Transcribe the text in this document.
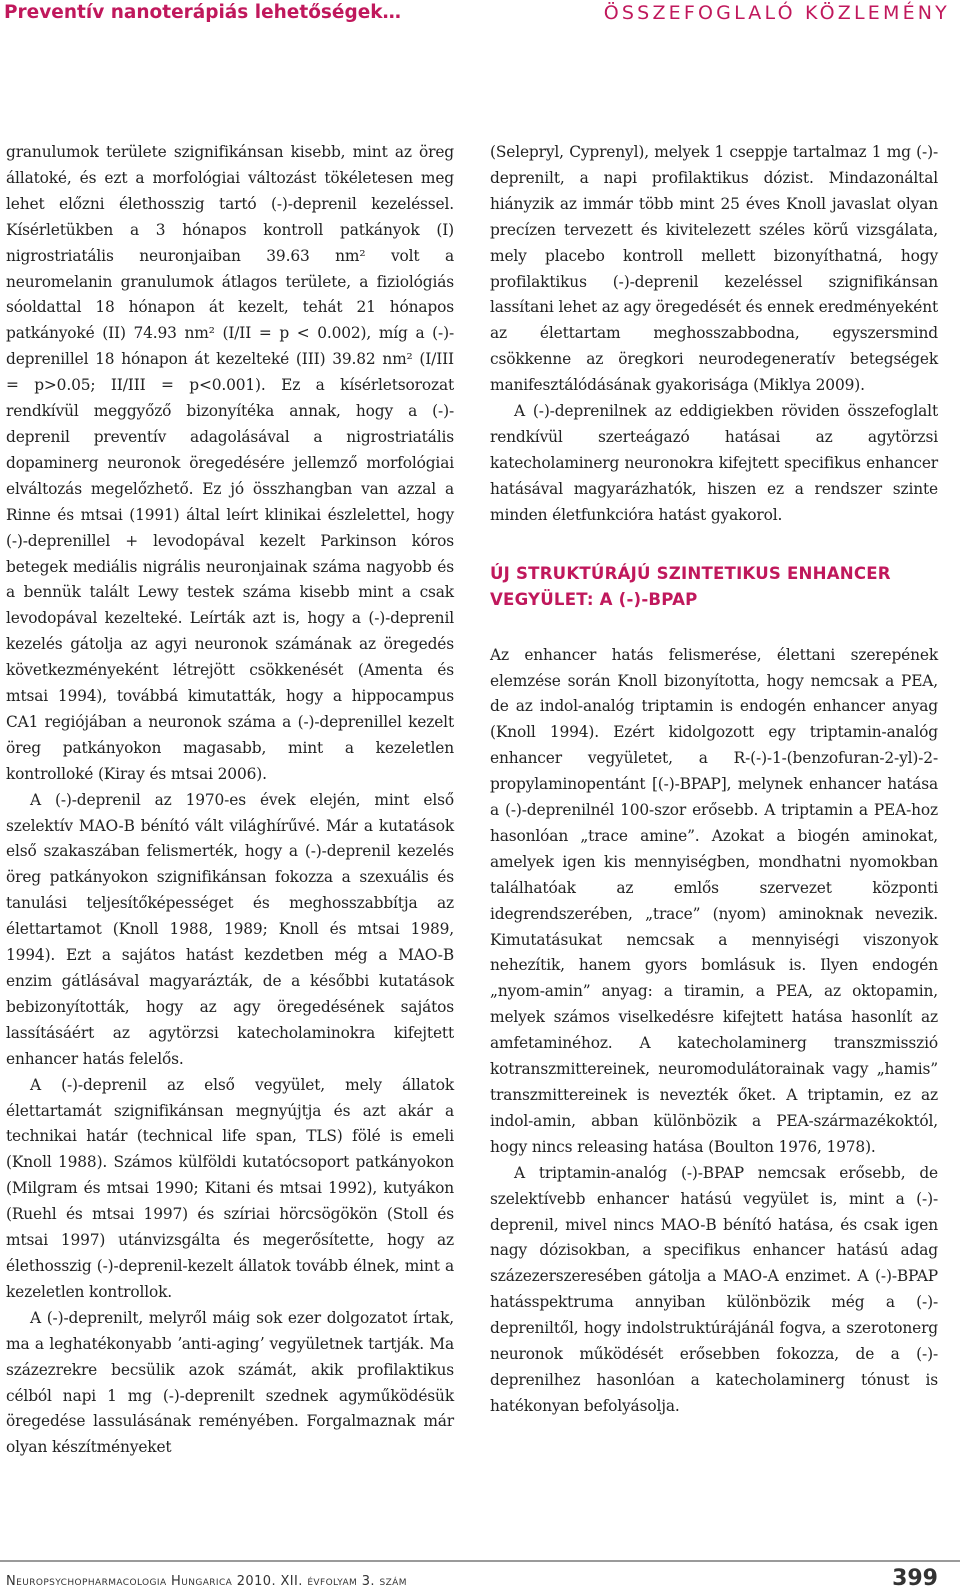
Preventív nanoterápiás lehetőségek…	ÖSSZEFOGLALÓ KÖZLEMÉNY

granulumok területe szignifikánsan kisebb, mint az öreg állatoké, és ezt a morfológiai változást tökéletesen meg lehet előzni élethosszig tartó (-)-deprenil kezeléssel. Kísérletükben a 3 hónapos kontroll patkányok (I) nigrostriatális neuronjaiban 39.63 nm² volt a neuromelanin granulumok átlagos területe, a fiziológiás sóoldattal 18 hónapon át kezelt, tehát 21 hónapos patkányoké (II) 74.93 nm² (I/II = p < 0.002), míg a (-)-deprenillel 18 hónapon át kezelteké (III) 39.82 nm² (I/III = p>0.05; II/III = p<0.001). Ez a kísérletsorozat rendkívül meggyőző bizonyítéka annak, hogy a (-)-deprenil preventív adagolásával a nigrostriatális dopaminerg neuronok öregedésére jellemző morfológiai elváltozás megelőzhető. Ez jó összhangban van azzal a Rinne és mtsai (1991) által leírt klinikai észlelettel, hogy (-)-deprenillel + levodopával kezelt Parkinson kóros betegek mediális nigrális neuronjainak száma nagyobb és a bennük talált Lewy testek száma kisebb mint a csak levodopával kezelteké. Leírták azt is, hogy a (-)-deprenil kezelés gátolja az agyi neuronok számának az öregedés következményeként létrejött csökkenését (Amenta és mtsai 1994), továbbá kimutatták, hogy a hippocampus CA1 regiójában a neuronok száma a (-)-deprenillel kezelt öreg patkányokon magasabb, mint a kezeletlen kontrolloké (Kiray és mtsai 2006).

A (-)-deprenil az 1970-es évek elején, mint első szelektív MAO-B bénító vált világhírűvé. Már a kutatások első szakaszában felismerték, hogy a (-)-deprenil kezelés öreg patkányokon szignifikánsan fokozza a szexuális és tanulási teljesítőképességet és meghosszabbítja az élettartamot (Knoll 1988, 1989; Knoll és mtsai 1989, 1994). Ezt a sajátos hatást kezdetben még a MAO-B enzim gátlásával magyarázták, de a későbbi kutatások bebizonyították, hogy az agy öregedésének sajátos lassításáért az agytörzsi katecholaminokra kifejtett enhancer hatás felelős.

A (-)-deprenil az első vegyület, mely állatok élettartamát szignifikánsan megnyújtja és azt akár a technikai határ (technical life span, TLS) fölé is emeli (Knoll 1988). Számos külföldi kutatócsoport patkányokon (Milgram és mtsai 1990; Kitani és mtsai 1992), kutyákon (Ruehl és mtsai 1997) és szíriai hörcsögökön (Stoll és mtsai 1997) utánvizsgálta és megerősítette, hogy az élethosszig (-)-deprenil-kezelt állatok tovább élnek, mint a kezeletlen kontrollok.

A (-)-deprenilt, melyről máig sok ezer dolgozatot írtak, ma a leghatékonyabb ʼanti-agingʼ vegyületnek tartják. Ma százezrekre becsülik azok számát, akik profilaktikus célból napi 1 mg (-)-deprenilt szednek agyműködésük öregedése lassulásának reményében. Forgalmaznak már olyan készítményeket

(Selepryl, Cyprenyl), melyek 1 cseppje tartalmaz 1 mg (-)-deprenilt, a napi profilaktikus dózist. Mindazonáltal hiányzik az immár több mint 25 éves Knoll javaslat olyan precízen tervezett és kivitelezett széles körű vizsgálata, mely placebo kontroll mellett bizonyíthatná, hogy profilaktikus (-)-deprenil kezeléssel szignifikánsan lassítani lehet az agy öregedését és ennek eredményeként az élettartam meghosszabbodna, egyszersmind csökkenne az öregkori neurodegeneratív betegségek manifesztálódásának gyakorisága (Miklya 2009).

A (-)-deprenilnek az eddigiekben röviden összefoglalt rendkívül szerteágazó hatásai az agytörzsi katecholaminerg neuronokra kifejtett specifikus enhancer hatásával magyarázhatók, hiszen ez a rendszer szinte minden életfunkcióra hatást gyakorol.

ÚJ STRUKTÚRÁJÚ SZINTETIKUS ENHANCER
VEGYÜLET: A (-)-BPAP

Az enhancer hatás felismerése, élettani szerepének elemzése során Knoll bizonyította, hogy nemcsak a PEA, de az indol-analóg triptamin is endogén enhancer anyag (Knoll 1994). Ezért kidolgozott egy triptamin-analóg enhancer vegyületet, a R-(-)-1-(benzofuran-2-yl)-2-propylaminopentánt [(-)-BPAP], melynek enhancer hatása a (-)-deprenilnél 100-szor erősebb. A triptamin a PEA-hoz hasonlóan „trace amine”. Azokat a biogén aminokat, amelyek igen kis mennyiségben, mondhatni nyomokban találhatóak az emlős szervezet központi idegrendszerében, „trace” (nyom) aminoknak nevezik. Kimutatásukat nemcsak a mennyiségi viszonyok nehezítik, hanem gyors bomlásuk is. Ilyen endogén „nyom-amin” anyag: a tiramin, a PEA, az oktopamin, melyek számos viselkedésre kifejtett hatása hasonlít az amfetaminéhoz. A katecholaminerg transzmisszió kotranszmittereinek, neuromodulátorainak vagy „hamis” transzmittereinek is nevezték őket. A triptamin, ez az indol-amin, abban különbözik a PEA-származékoktól, hogy nincs releasing hatása (Boulton 1976, 1978).

A triptamin-analóg (-)-BPAP nemcsak erősebb, de szelektívebb enhancer hatású vegyület is, mint a (-)-deprenil, mivel nincs MAO-B bénító hatása, és csak igen nagy dózisokban, a specifikus enhancer hatású adag százezerszeresében gátolja a MAO-A enzimet. A (-)-BPAP hatásspektruma annyiban különbözik még a (-)-depreniltől, hogy indolstruktúrájánál fogva, a szerotonerg neuronok működését erősebben fokozza, de a (-)-deprenilhez hasonlóan a katecholaminerg tónust is hatékonyan befolyásolja.

Neuropsychopharmacologia Hungarica 2010. XII. évfolyam 3. szám	399
